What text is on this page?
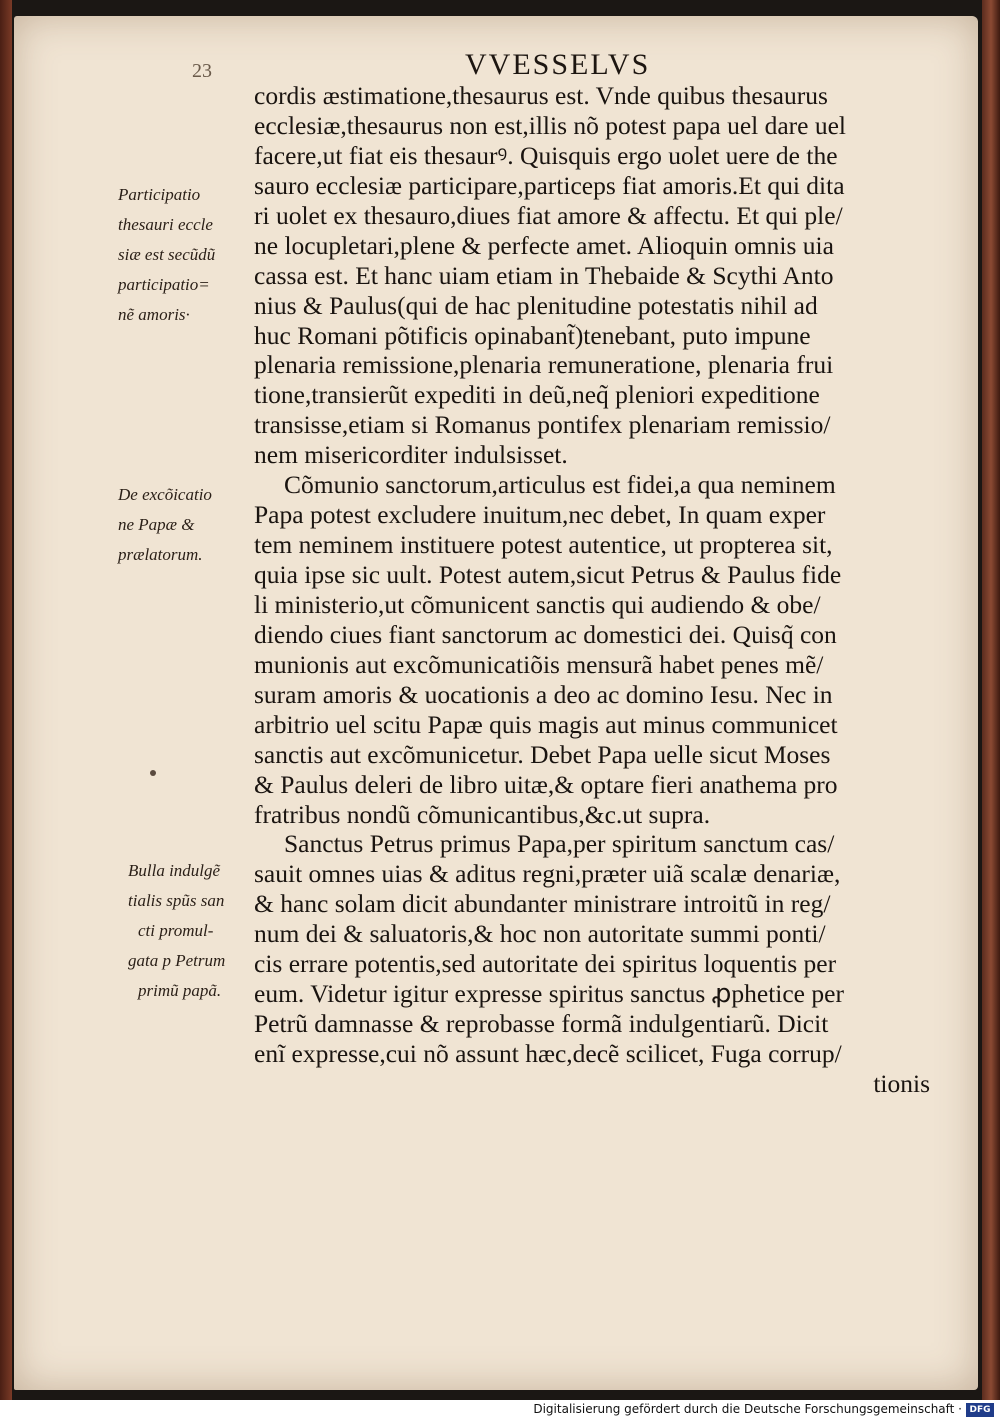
23	VVESSELVS
Participatio
thesauri eccle
siæ est secũdũ
participatio=
nẽ amoris·
De excõicatio
ne Papæ &
prælatorum.
Bulla indulgẽ
tialis spũs san
cti promul-
gata p Petrum
primũ papã.
cordis æstimatione,thesaurus est. Vnde quibus thesaurus
ecclesiæ,thesaurus non est,illis nõ potest papa uel dare uel
facere,ut fiat eis thesaurꝰ. Quisquis ergo uolet uere de the
sauro ecclesiæ participare,particeps fiat amoris.Et qui dita
ri uolet ex thesauro,diues fiat amore & affectu. Et qui ple/
ne locupletari,plene & perfecte amet. Alioquin omnis uia
cassa est. Et hanc uiam etiam in Thebaide & Scythi Anto
nius & Paulus(qui de hac plenitudine potestatis nihil ad
huc Romani põtificis opinabant̃)tenebant, puto impune
plenaria remissione,plenaria remuneratione, plenaria frui
tione,transierũt expediti in deũ,neq̃ pleniori expeditione
transisse,etiam si Romanus pontifex plenariam remissio/
nem misericorditer indulsisset.
Cõmunio sanctorum,articulus est fidei,a qua neminem
Papa potest excludere inuitum,nec debet, In quam exper
tem neminem instituere potest autentice, ut propterea sit,
quia ipse sic uult. Potest autem,sicut Petrus & Paulus fide
li ministerio,ut cõmunicent sanctis qui audiendo & obe/
diendo ciues fiant sanctorum ac domestici dei. Quisq̃ con
munionis aut excõmunicatiõis mensurã habet penes mẽ/
suram amoris & uocationis a deo ac domino Iesu. Nec in
arbitrio uel scitu Papæ quis magis aut minus communicet
sanctis aut excõmunicetur. Debet Papa uelle sicut Moses
& Paulus deleri de libro uitæ,& optare fieri anathema pro
fratribus nondũ cõmunicantibus,&c.ut supra.
Sanctus Petrus primus Papa,per spiritum sanctum cas/
sauit omnes uias & aditus regni,præter uiã scalæ denariæ,
& hanc solam dicit abundanter ministrare introitũ in reg/
num dei & saluatoris,& hoc non autoritate summi ponti/
cis errare potentis,sed autoritate dei spiritus loquentis per
eum. Videtur igitur expresse spiritus sanctus ꝓphetice per
Petrũ damnasse & reprobasse formã indulgentiarũ. Dicit
enĩ expresse,cui nõ assunt hæc,decẽ scilicet, Fuga corrup/
tionis
Digitalisierung gefördert durch die Deutsche Forschungsgemeinschaft · DFG
